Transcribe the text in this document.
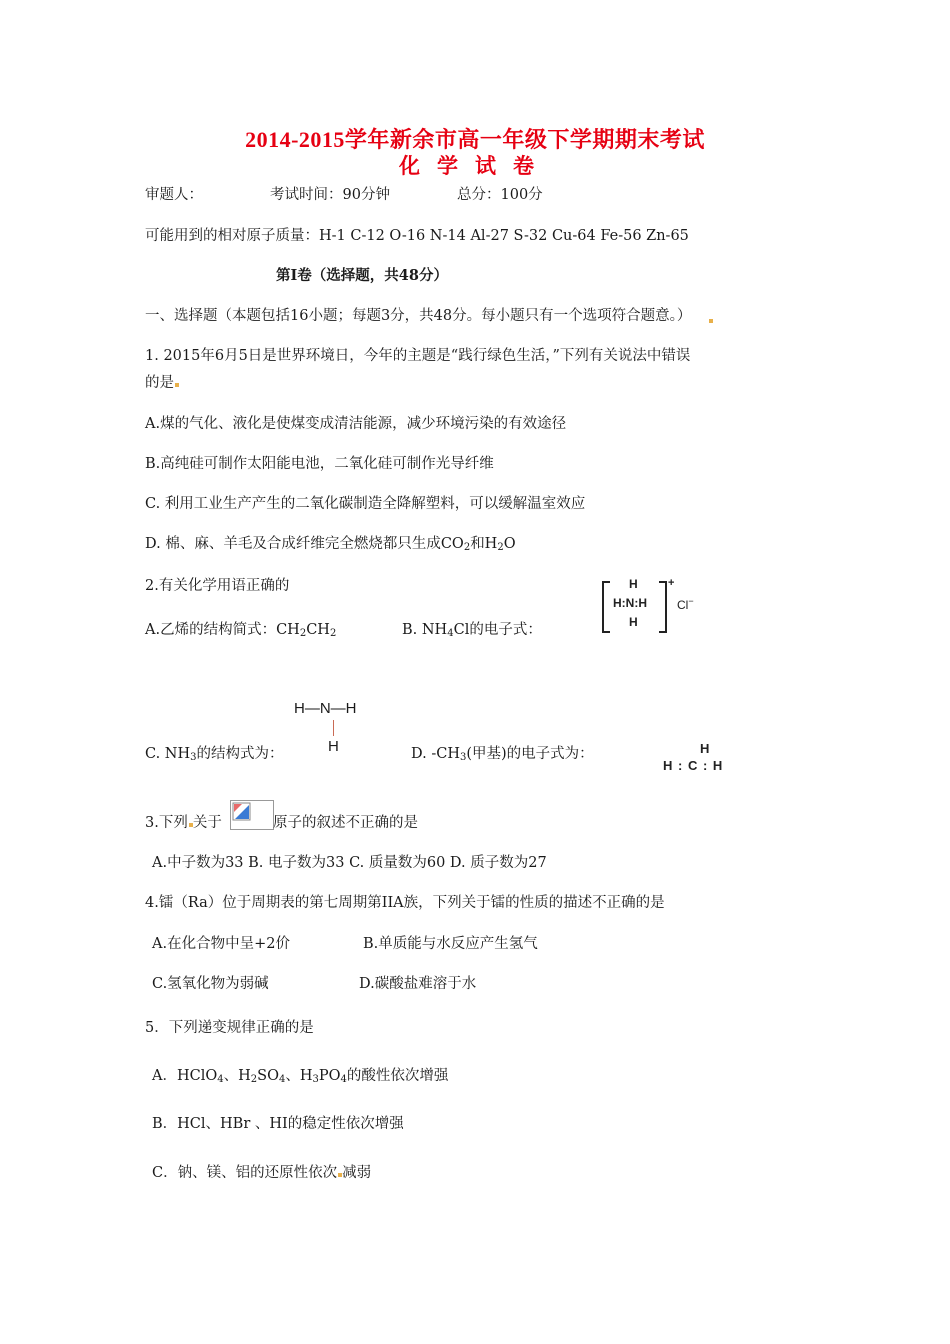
2014-2015学年新余市高一年级下学期期末考试
化学试卷
审题人：	考试时间：90分钟	总分：100分
可能用到的相对原子质量：H-1 C-12 O-16 N-14 Al-27 S-32 Cu-64 Fe-56 Zn-65
第I卷（选择题，共48分）
一、选择题（本题包括16小题；每题3分，共48分。每小题只有一个选项符合题意。）
1. 2015年6月5日是世界环境日，今年的主题是“践行绿色生活，”下列有关说法中错误
的是
A.煤的气化、液化是使煤变成清洁能源，减少环境污染的有效途径
B.高纯硅可制作太阳能电池，二氧化硅可制作光导纤维
C. 利用工业生产产生的二氧化碳制造全降解塑料，可以缓解温室效应
D. 棉、麻、羊毛及合成纤维完全燃烧都只生成$CO_2$和$H_2O$
2.有关化学用语正确的
A.乙烯的结构简式：$CH_2CH_2$	B. $NH_4Cl$的电子式：
H
H:N:H
H
+
Cl−
H—N—H
H
C. $NH_3$的结构式为：	D. $-CH_3$(甲基)的电子式为：	H
H : C : H
3.下列 关于	原子的叙述不正确的是
A.中子数为33 B. 电子数为33 C. 质量数为60 D. 质子数为27
4.镭（Ra）位于周期表的第七周期第IIA族，下列关于镭的性质的描述不正确的是
A.在化合物中呈+2价	B.单质能与水反应产生氢气
C.氢氧化物为弱碱	D.碳酸盐难溶于水
5．下列递变规律正确的是
A．HClO$_4$、$H_2SO_4$、$H_3PO_4$的酸性依次增强
B．HCl、HBr 、HI的稳定性依次增强
C．钠、镁、铝的还原性依次 减弱
